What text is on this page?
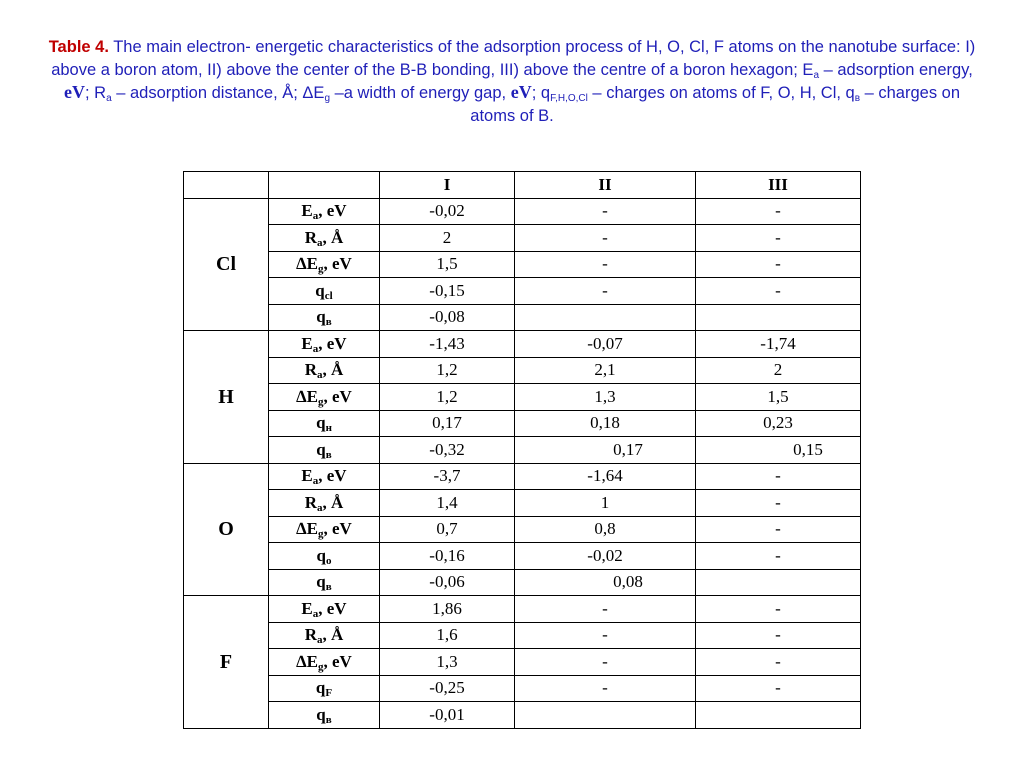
Table 4. The main electron- energetic characteristics of the adsorption process of H, O, Cl, F atoms on the nanotube surface: I) above a boron atom, II) above the center of the B-B bonding, III) above the centre of a boron hexagon; $E_a$ – adsorption energy, eV; $R_a$ – adsorption distance, Å; $\Delta E_g$ –a width of energy gap, eV; $q_{F,H,O,Cl}$ – charges on atoms of F, O, H, Cl, $q_в$ – charges on atoms of B.
		I	II	III
Cl	$E_a$, eV	-0,02	-	-
	$R_a$, Å	2	-	-
	$\Delta E_g$, eV	1,5	-	-
	$q_{cl}$	-0,15	-	-
	$q_в$	-0,08		
H	$E_a$, eV	-1,43	-0,07	-1,74
	$R_a$, Å	1,2	2,1	2
	$\Delta E_g$, eV	1,2	1,3	1,5
	$q_н$	0,17	0,18	0,23
	$q_в$	-0,32	0,17	0,15
O	$E_a$, eV	-3,7	-1,64	-
	$R_a$, Å	1,4	1	-
	$\Delta E_g$, eV	0,7	0,8	-
	$q_o$	-0,16	-0,02	-
	$q_в$	-0,06	0,08	
F	$E_a$, eV	1,86	-	-
	$R_a$, Å	1,6	-	-
	$\Delta E_g$, eV	1,3	-	-
	$q_F$	-0,25	-	-
	$q_в$	-0,01		
